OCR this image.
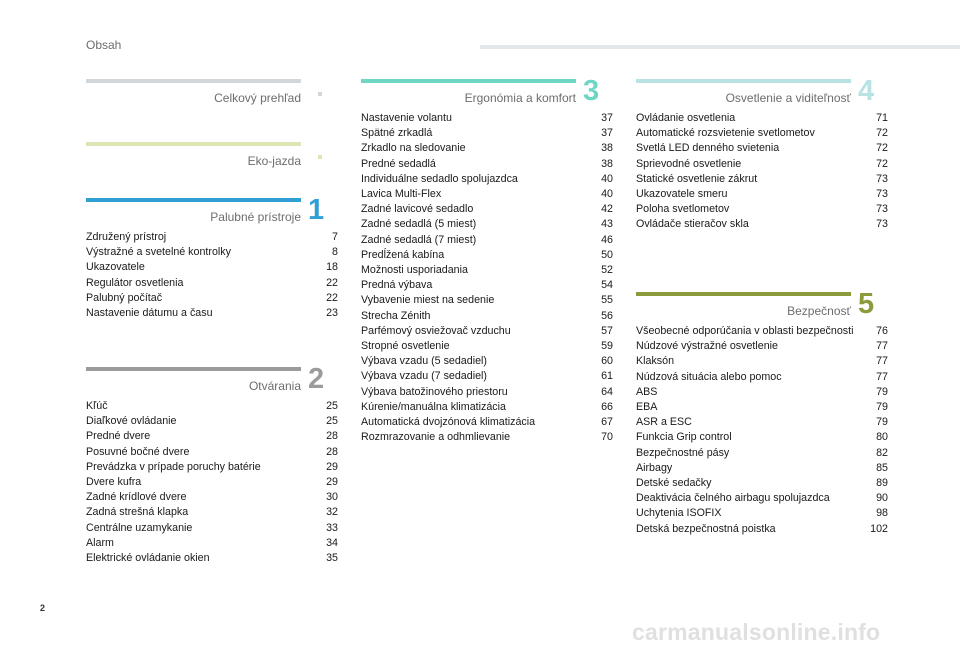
Obsah
Celkový prehľad
Eko-jazda
Palubné prístroje 1
Združený prístroj	7
Výstražné a svetelné kontrolky	8
Ukazovatele	18
Regulátor osvetlenia	22
Palubný počítač	22
Nastavenie dátumu a času	23
Otvárania 2
Kľúč	25
Diaľkové ovládanie	25
Predné dvere	28
Posuvné bočné dvere	28
Prevádzka v prípade poruchy batérie	29
Dvere kufra	29
Zadné krídlové dvere	30
Zadná strešná klapka	32
Centrálne uzamykanie	33
Alarm	34
Elektrické ovládanie okien	35
Ergonómia a komfort 3
Nastavenie volantu	37
Spätné zrkadlá	37
Zrkadlo na sledovanie	38
Predné sedadlá	38
Individuálne sedadlo spolujazdca	40
Lavica Multi-Flex	40
Zadné lavicové sedadlo	42
Zadné sedadlá (5 miest)	43
Zadné sedadlá (7 miest)	46
Predĺžená kabína	50
Možnosti usporiadania	52
Predná výbava	54
Vybavenie miest na sedenie	55
Strecha Zénith	56
Parfémový osviežovač vzduchu	57
Stropné osvetlenie	59
Výbava vzadu (5 sedadiel)	60
Výbava vzadu (7 sedadiel)	61
Výbava batožinového priestoru	64
Kúrenie/manuálna klimatizácia	66
Automatická dvojzónová klimatizácia	67
Rozmrazovanie a odhmlievanie	70
Osvetlenie a viditeľnosť 4
Ovládanie osvetlenia	71
Automatické rozsvietenie svetlometov	72
Svetlá LED denného svietenia	72
Sprievodné osvetlenie	72
Statické osvetlenie zákrut	73
Ukazovatele smeru	73
Poloha svetlometov	73
Ovládače stieračov skla	73
Bezpečnosť 5
Všeobecné odporúčania v oblasti bezpečnosti	76
Núdzové výstražné osvetlenie	77
Klaksón	77
Núdzová situácia alebo pomoc	77
ABS	79
EBA	79
ASR a ESC	79
Funkcia Grip control	80
Bezpečnostné pásy	82
Airbagy	85
Detské sedačky	89
Deaktivácia čelného airbagu spolujazdca	90
Uchytenia ISOFIX	98
Detská bezpečnostná poistka	102
2
carmanualsonline.info
